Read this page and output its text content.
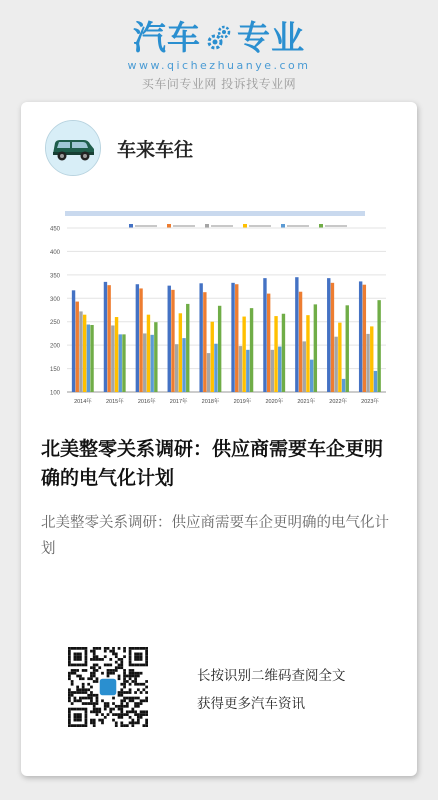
汽车 专业
www.qichezhuanye.com
买车问专业网 投诉找专业网
车来车往
100
150
200
250
300
350
400
450
2014年	2015年	2016年	2017年	2018年	2019年	2020年	2021年	2022年	2023年
北美整零关系调研：供应商需要车企更明确的电气化计划
北美整零关系调研：供应商需要车企更明确的电气化计划
长按识别二维码查阅全文
获得更多汽车资讯
